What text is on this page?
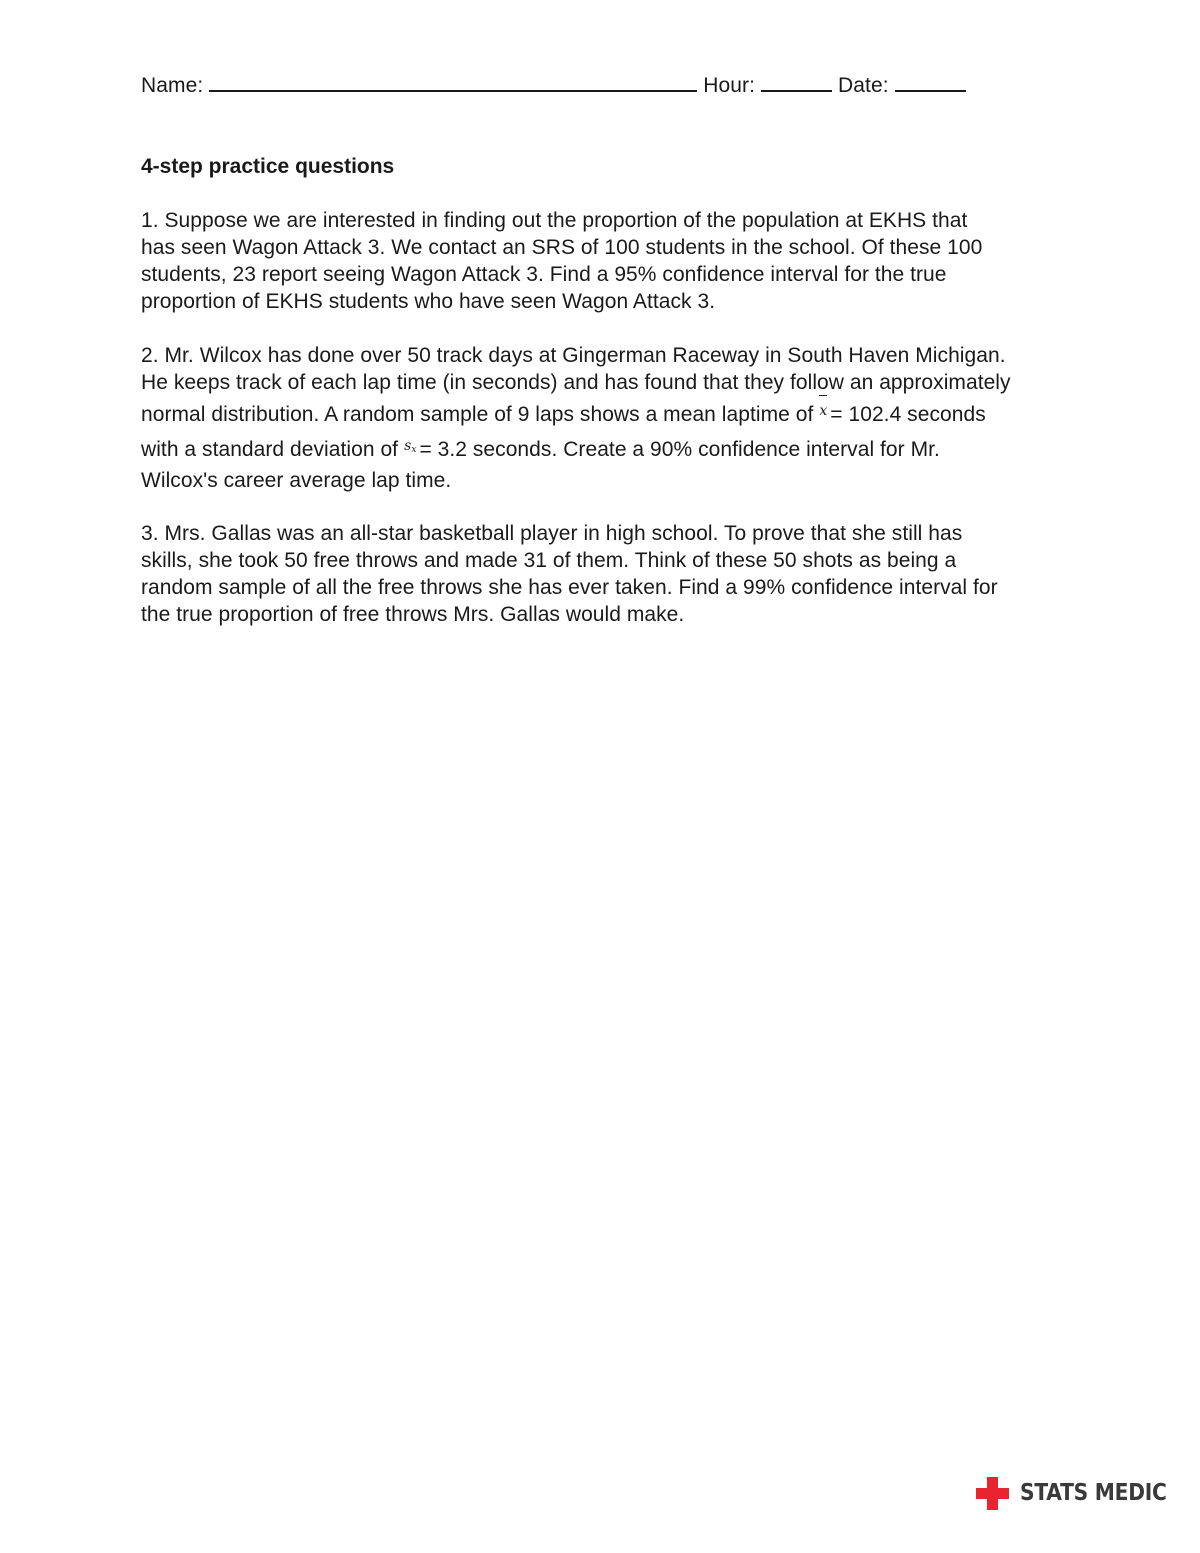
Name:	Hour:	Date:
4-step practice questions
1. Suppose we are interested in finding out the proportion of the population at EKHS that
has seen Wagon Attack 3. We contact an SRS of 100 students in the school. Of these 100
students, 23 report seeing Wagon Attack 3. Find a 95% confidence interval for the true
proportion of EKHS students who have seen Wagon Attack 3.
2. Mr. Wilcox has done over 50 track days at Gingerman Raceway in South Haven Michigan.
He keeps track of each lap time (in seconds) and has found that they follow an approximately
normal distribution. A random sample of 9 laps shows a mean laptime of x = 102.4 seconds
with a standard deviation of $s_x = 3.2$ seconds. Create a 90% confidence interval for Mr.
Wilcox's career average lap time.
3. Mrs. Gallas was an all-star basketball player in high school. To prove that she still has
skills, she took 50 free throws and made 31 of them. Think of these 50 shots as being a
random sample of all the free throws she has ever taken. Find a 99% confidence interval for
the true proportion of free throws Mrs. Gallas would make.
STATS MEDIC
